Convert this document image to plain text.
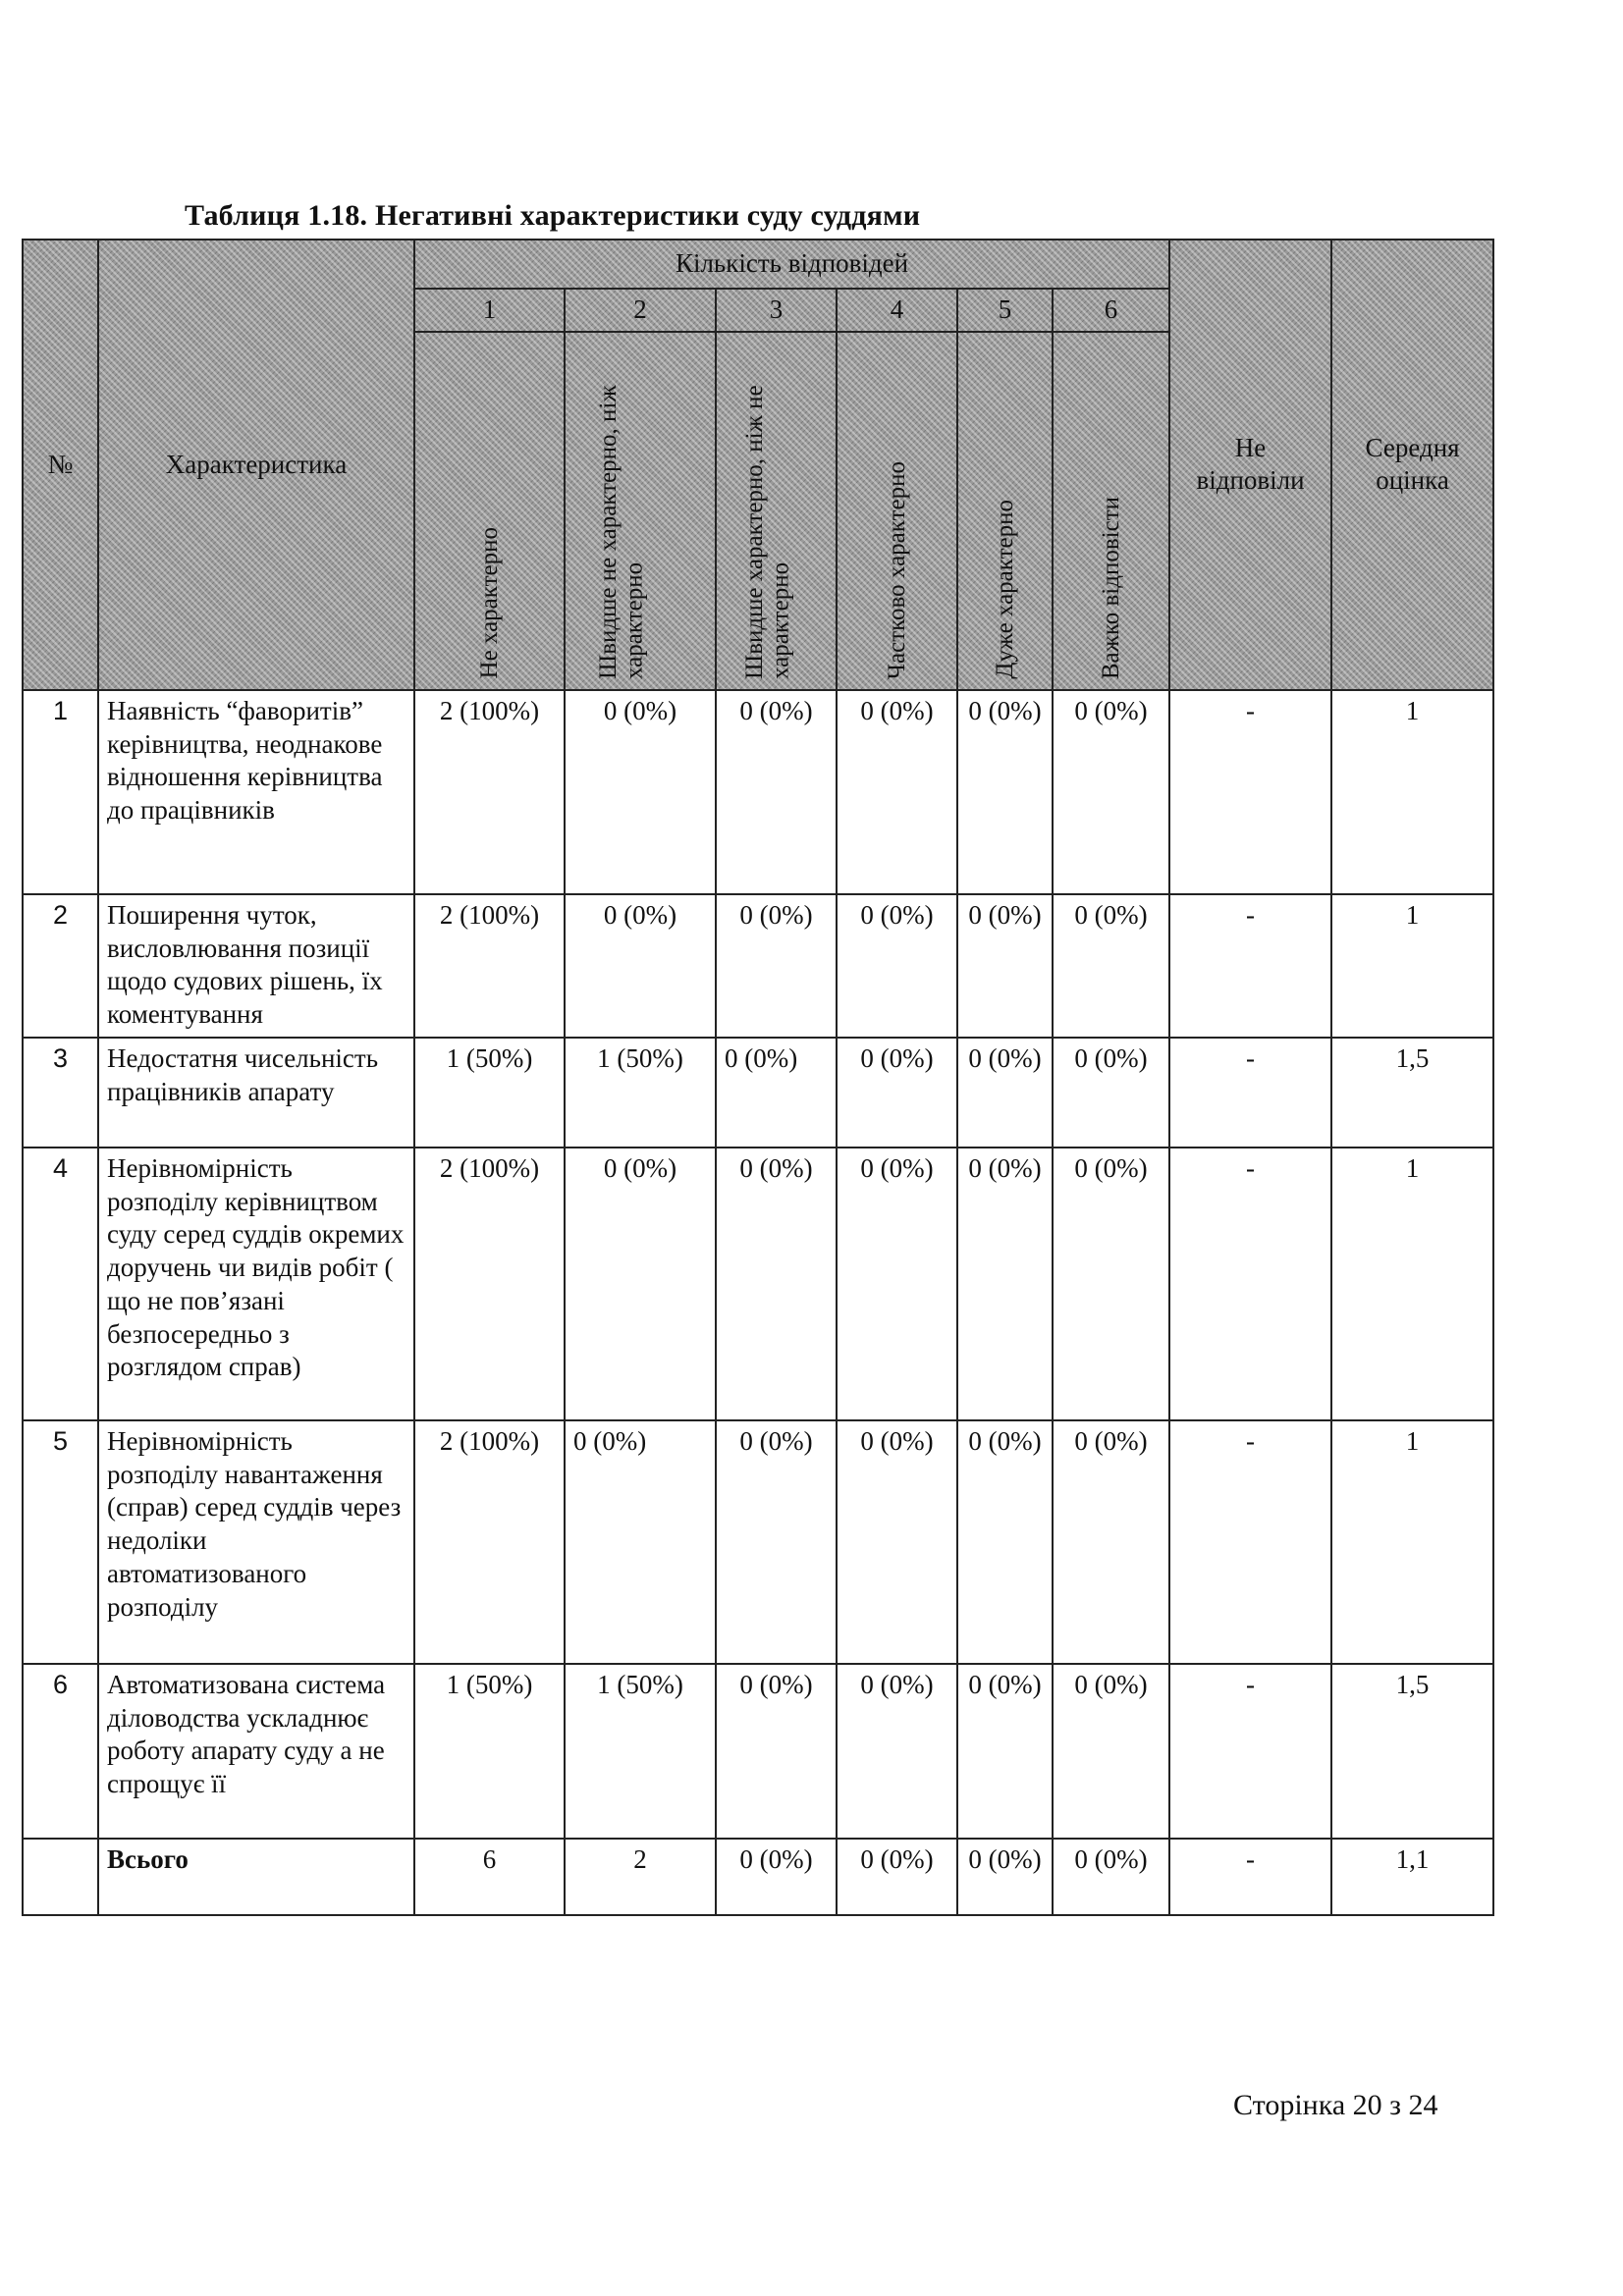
Таблиця 1.18. Негативні характеристики суду суддями
№	Характеристика	Кількість відповідей						Не відповіли	Середня оцінка
		1	2	3	4	5	6		

		Не характерно	Швидше не характерно, ніж характерно	Швидше характерно, ніж не характерно	Частково характерно	Дуже характерно	Важко відповісти		

1	Наявність “фаворитів” керівництва, неоднакове відношення керівництва до працівників	2 (100%)	0 (0%)	0 (0%)	0 (0%)	0 (0%)	0 (0%)	-	1
2	Поширення чуток, висловлювання позиції щодо судових рішень, їх коментування	2 (100%)	0 (0%)	0 (0%)	0 (0%)	0 (0%)	0 (0%)	-	1
3	Недостатня чисельність працівників апарату	1 (50%)	1 (50%)	0 (0%)	0 (0%)	0 (0%)	0 (0%)	-	1,5
4	Нерівномірність розподілу керівництвом суду серед суддів окремих доручень чи видів робіт ( що не пов’язані безпосередньо з розглядом справ)	2 (100%)	0 (0%)	0 (0%)	0 (0%)	0 (0%)	0 (0%)	-	1
5	Нерівномірність розподілу навантаження (справ) серед суддів через недоліки автоматизованого розподілу	2 (100%)	0 (0%)	0 (0%)	0 (0%)	0 (0%)	0 (0%)	-	1
6	Автоматизована система діловодства ускладнює роботу апарату суду а не спрощує її	1 (50%)	1 (50%)	0 (0%)	0 (0%)	0 (0%)	0 (0%)	-	1,5
	Всього	6	2	0 (0%)	0 (0%)	0 (0%)	0 (0%)	-	1,1

Сторінка 20 з 24
